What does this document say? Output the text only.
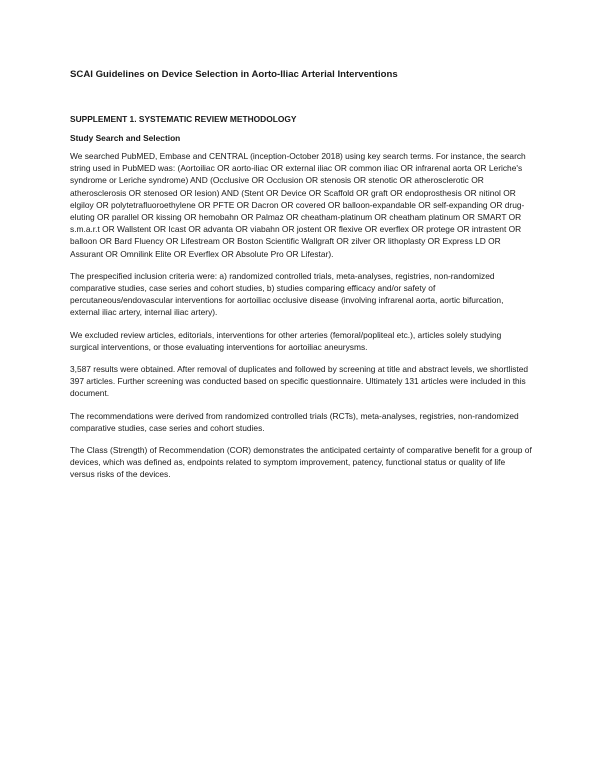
SCAI Guidelines on Device Selection in Aorto-Iliac Arterial Interventions
SUPPLEMENT 1. SYSTEMATIC REVIEW METHODOLOGY
Study Search and Selection

We searched PubMED, Embase and CENTRAL (inception-October 2018) using key search terms. For instance, the search string used in PubMED was: (Aortoiliac OR aorto-iliac OR external iliac OR common iliac OR infrarenal aorta OR Leriche's syndrome or Leriche syndrome) AND (Occlusive OR Occlusion OR stenosis OR stenotic OR atherosclerotic OR atherosclerosis OR stenosed OR lesion) AND (Stent OR Device OR Scaffold OR graft OR endoprosthesis OR nitinol OR elgiloy OR polytetrafluoroethylene OR PFTE OR Dacron OR covered OR balloon-expandable OR self-expanding OR drug-eluting OR parallel OR kissing OR hemobahn OR Palmaz OR cheatham-platinum OR cheatham platinum OR SMART OR s.m.a.r.t OR Wallstent OR Icast OR advanta OR viabahn OR jostent OR flexive OR everflex OR protege OR intrastent OR balloon OR Bard Fluency OR Lifestream OR Boston Scientific Wallgraft OR zilver OR lithoplasty OR Express LD OR Assurant OR Omnilink Elite OR Everflex OR Absolute Pro OR Lifestar).

The prespecified inclusion criteria were: a) randomized controlled trials, meta-analyses, registries, non-randomized comparative studies, case series and cohort studies, b) studies comparing efficacy and/or safety of percutaneous/endovascular interventions for aortoiliac occlusive disease (involving infrarenal aorta, aortic bifurcation, external iliac artery, internal iliac artery).

We excluded review articles, editorials, interventions for other arteries (femoral/popliteal etc.), articles solely studying surgical interventions, or those evaluating interventions for aortoiliac aneurysms.

3,587 results were obtained. After removal of duplicates and followed by screening at title and abstract levels, we shortlisted 397 articles. Further screening was conducted based on specific questionnaire. Ultimately 131 articles were included in this document.

The recommendations were derived from randomized controlled trials (RCTs), meta-analyses, registries, non-randomized comparative studies, case series and cohort studies.

The Class (Strength) of Recommendation (COR) demonstrates the anticipated certainty of comparative benefit for a group of devices, which was defined as, endpoints related to symptom improvement, patency, functional status or quality of life versus risks of the devices.
